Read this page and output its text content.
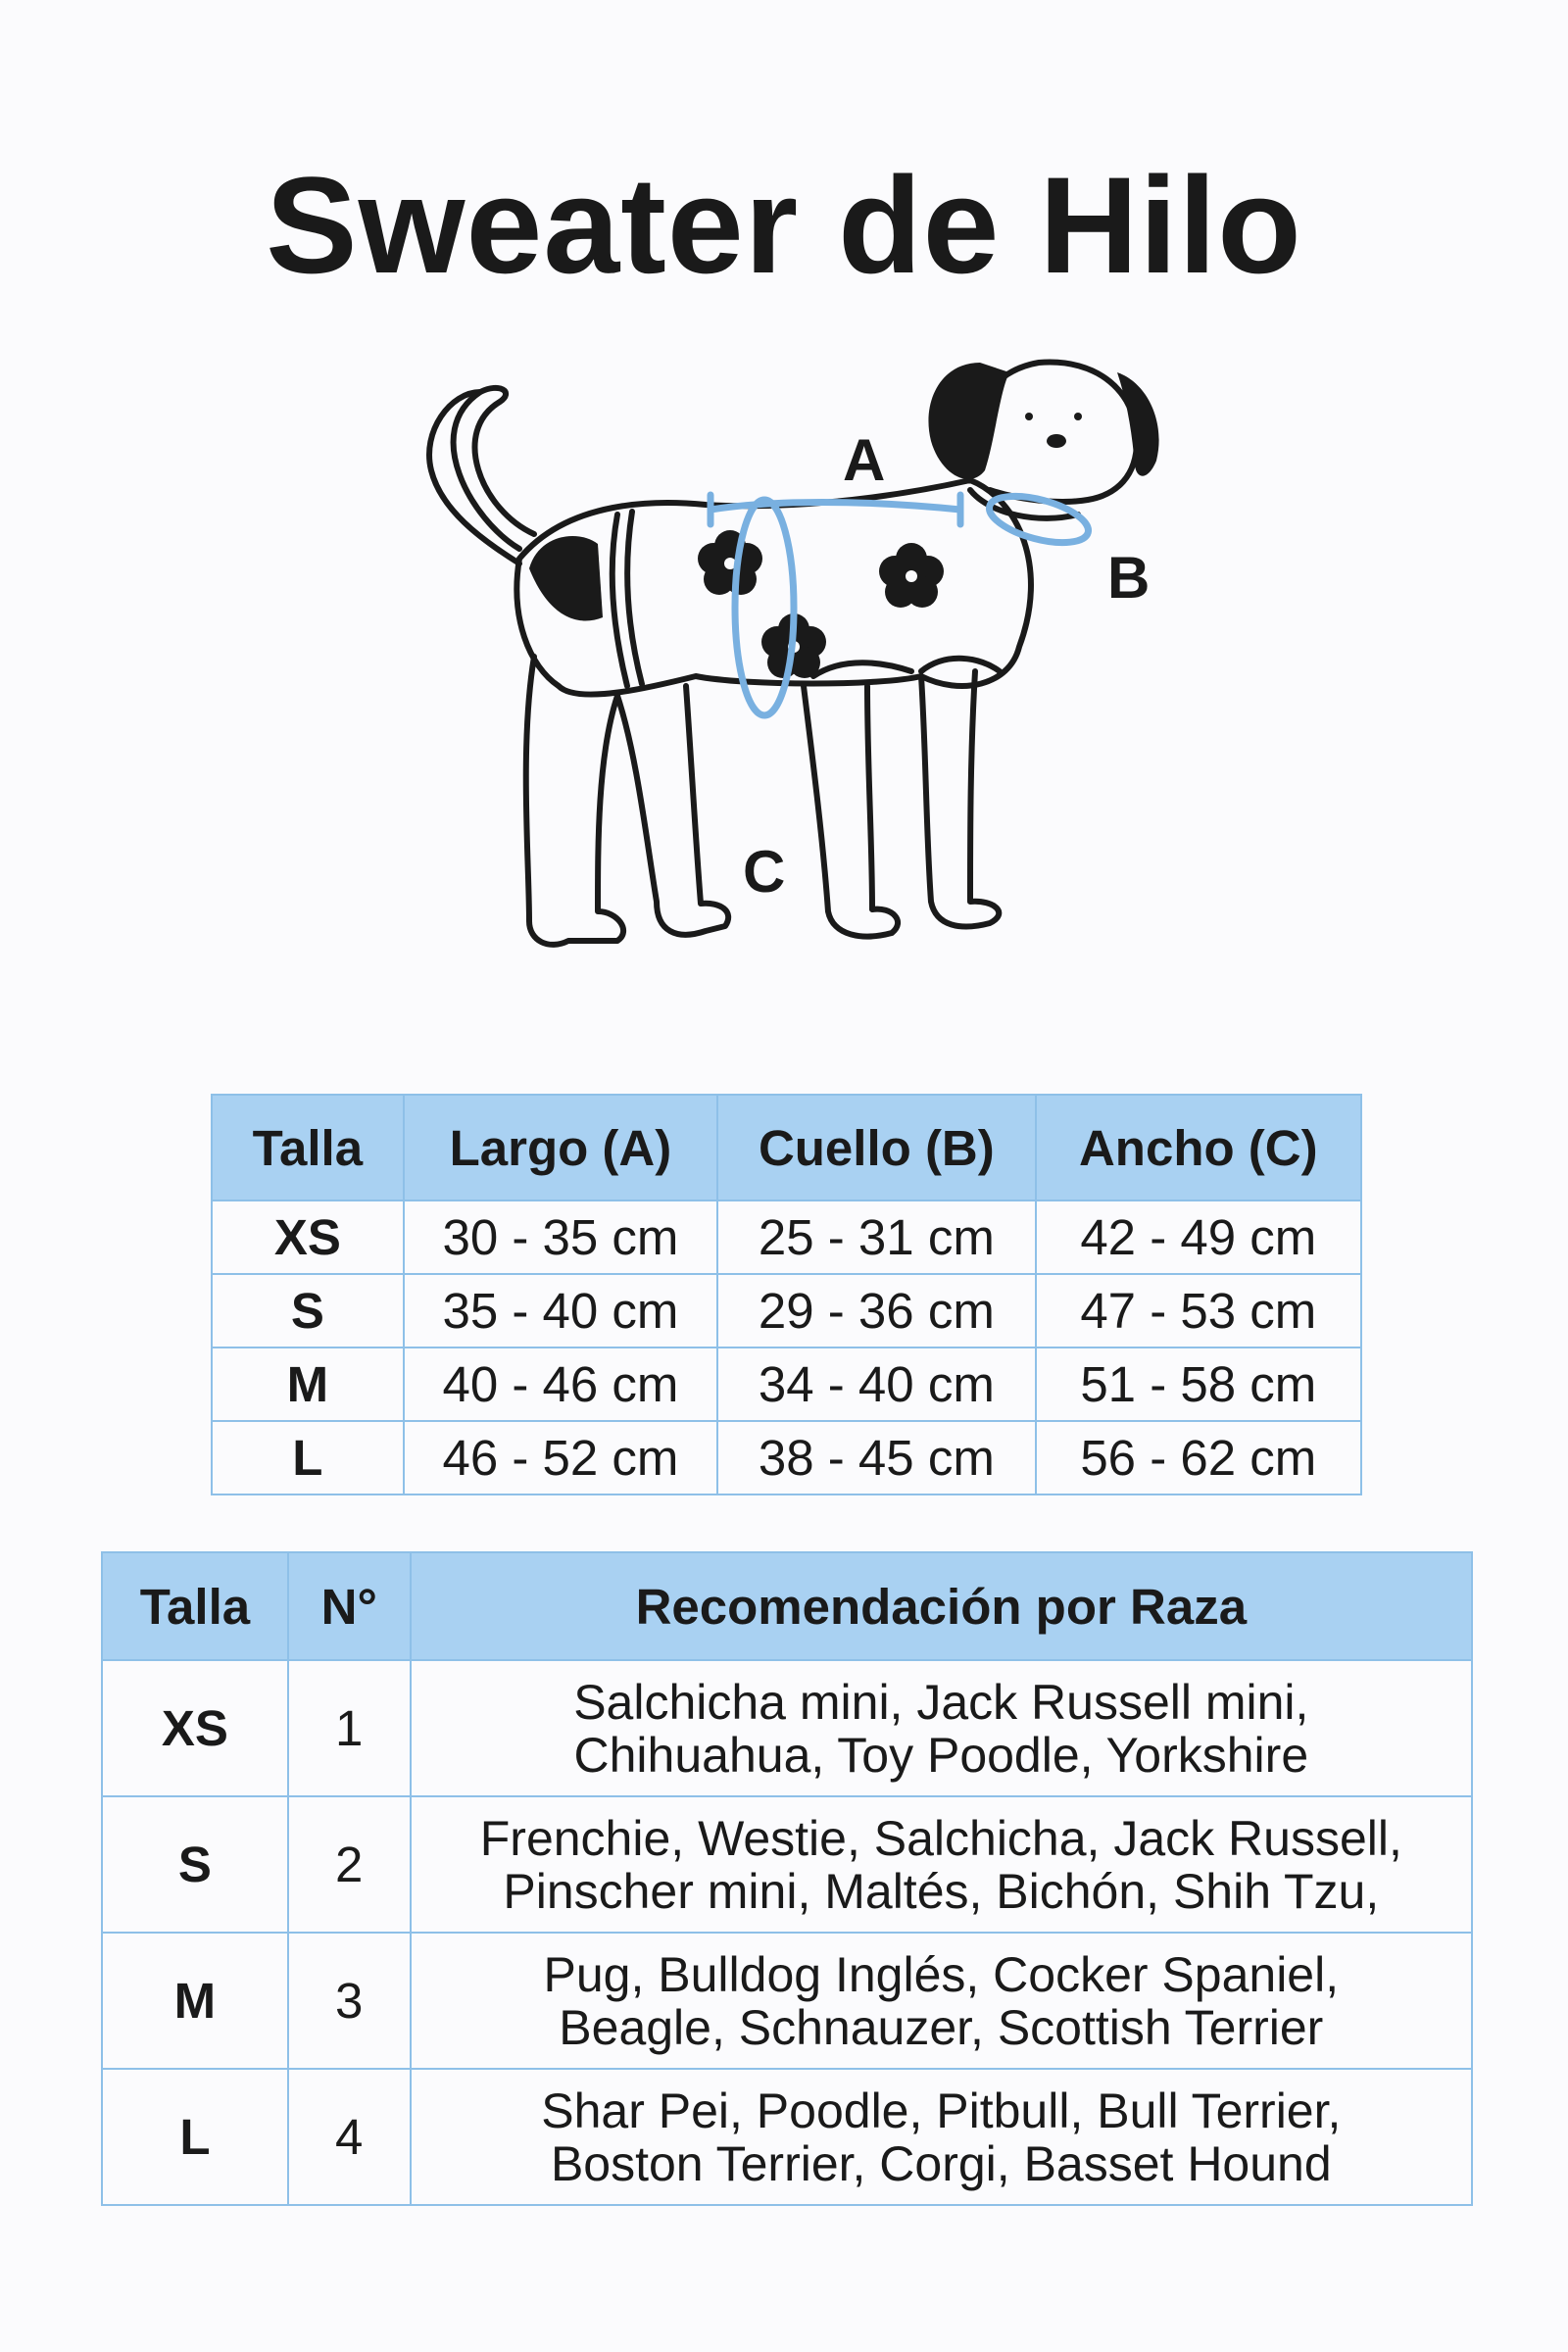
Sweater de Hilo
A
B
C
Talla	Largo (A)	Cuello (B)	Ancho (C)
XS	30 - 35 cm	25 - 31 cm	42 - 49 cm
S	35 - 40 cm	29 - 36 cm	47 - 53 cm
M	40 - 46 cm	34 - 40 cm	51 - 58 cm
L	46 - 52 cm	38 - 45 cm	56 - 62 cm
Talla	N°	Recomendación por Raza
XS	1	Salchicha mini, Jack Russell mini,
Chihuahua, Toy Poodle, Yorkshire

S	2	Frenchie, Westie, Salchicha, Jack Russell,
Pinscher mini, Maltés, Bichón, Shih Tzu,

M	3	Pug, Bulldog Inglés, Cocker Spaniel,
Beagle, Schnauzer, Scottish Terrier

L	4	Shar Pei, Poodle, Pitbull, Bull Terrier,
Boston Terrier, Corgi, Basset Hound
